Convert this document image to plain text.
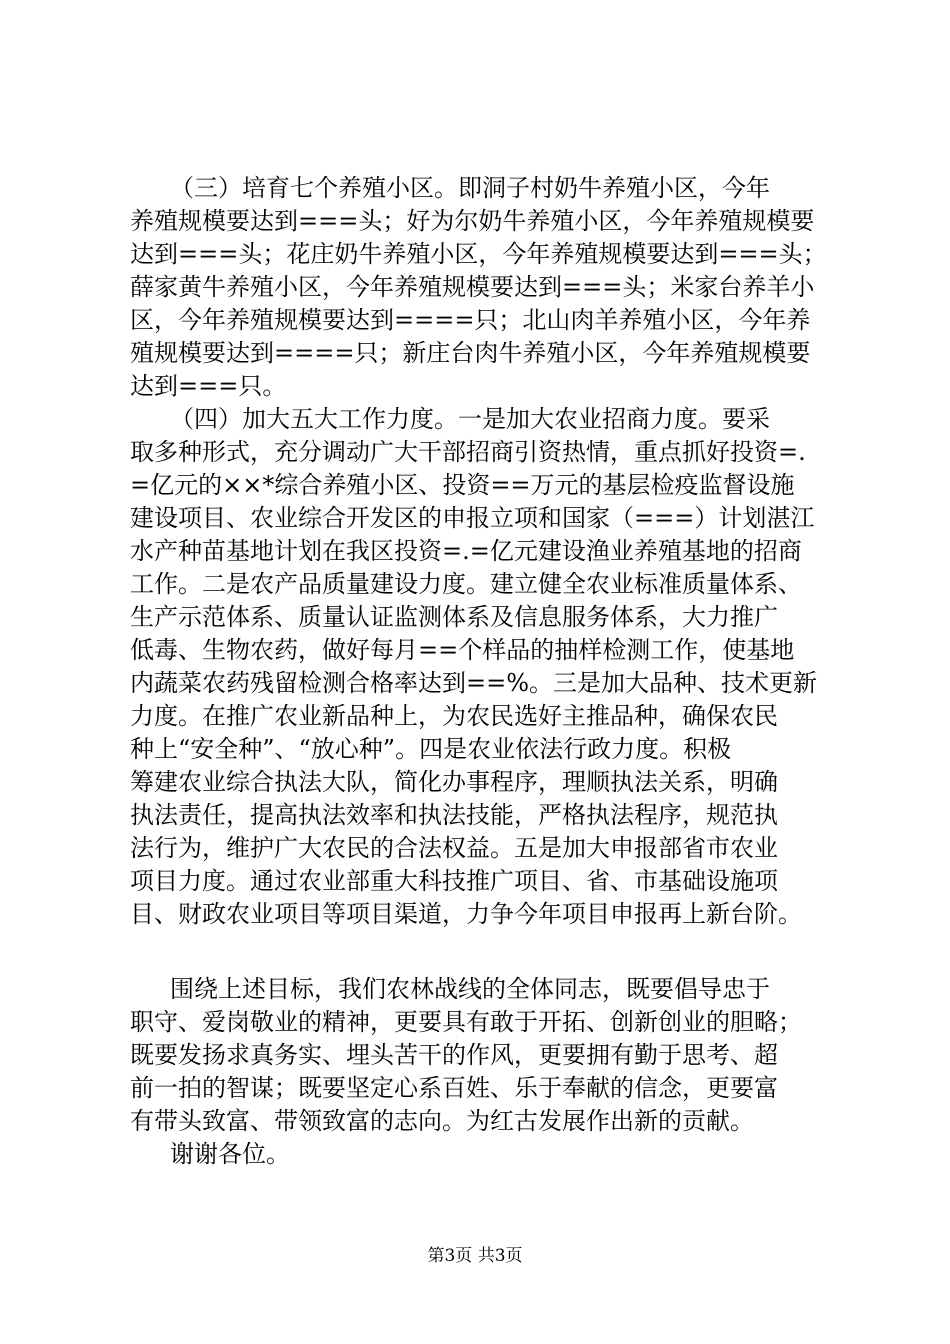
（三）培育七个养殖小区。即洞子村奶牛养殖小区，今年
养殖规模要达到===头；好为尔奶牛养殖小区，今年养殖规模要
达到===头；花庄奶牛养殖小区，今年养殖规模要达到===头；
薛家黄牛养殖小区，今年养殖规模要达到===头；米家台养羊小
区，今年养殖规模要达到====只；北山肉羊养殖小区，今年养
殖规模要达到====只；新庄台肉牛养殖小区，今年养殖规模要
达到===只。
（四）加大五大工作力度。一是加大农业招商力度。要采
取多种形式，充分调动广大干部招商引资热情，重点抓好投资=.
=亿元的××*综合养殖小区、投资==万元的基层检疫监督设施
建设项目、农业综合开发区的申报立项和国家（===）计划湛江
水产种苗基地计划在我区投资=.=亿元建设渔业养殖基地的招商
工作。二是农产品质量建设力度。建立健全农业标准质量体系、
生产示范体系、质量认证监测体系及信息服务体系，大力推广
低毒、生物农药，做好每月==个样品的抽样检测工作，使基地
内蔬菜农药残留检测合格率达到==%。三是加大品种、技术更新
力度。在推广农业新品种上，为农民选好主推品种，确保农民
种上“安全种”、“放心种”。四是农业依法行政力度。积极
筹建农业综合执法大队，简化办事程序，理顺执法关系，明确
执法责任，提高执法效率和执法技能，严格执法程序，规范执
法行为，维护广大农民的合法权益。五是加大申报部省市农业
项目力度。通过农业部重大科技推广项目、省、市基础设施项
目、财政农业项目等项目渠道，力争今年项目申报再上新台阶。
围绕上述目标，我们农林战线的全体同志，既要倡导忠于
职守、爱岗敬业的精神，更要具有敢于开拓、创新创业的胆略；
既要发扬求真务实、埋头苦干的作风，更要拥有勤于思考、超
前一拍的智谋；既要坚定心系百姓、乐于奉献的信念，更要富
有带头致富、带领致富的志向。为红古发展作出新的贡献。
谢谢各位。
第3页 共3页
